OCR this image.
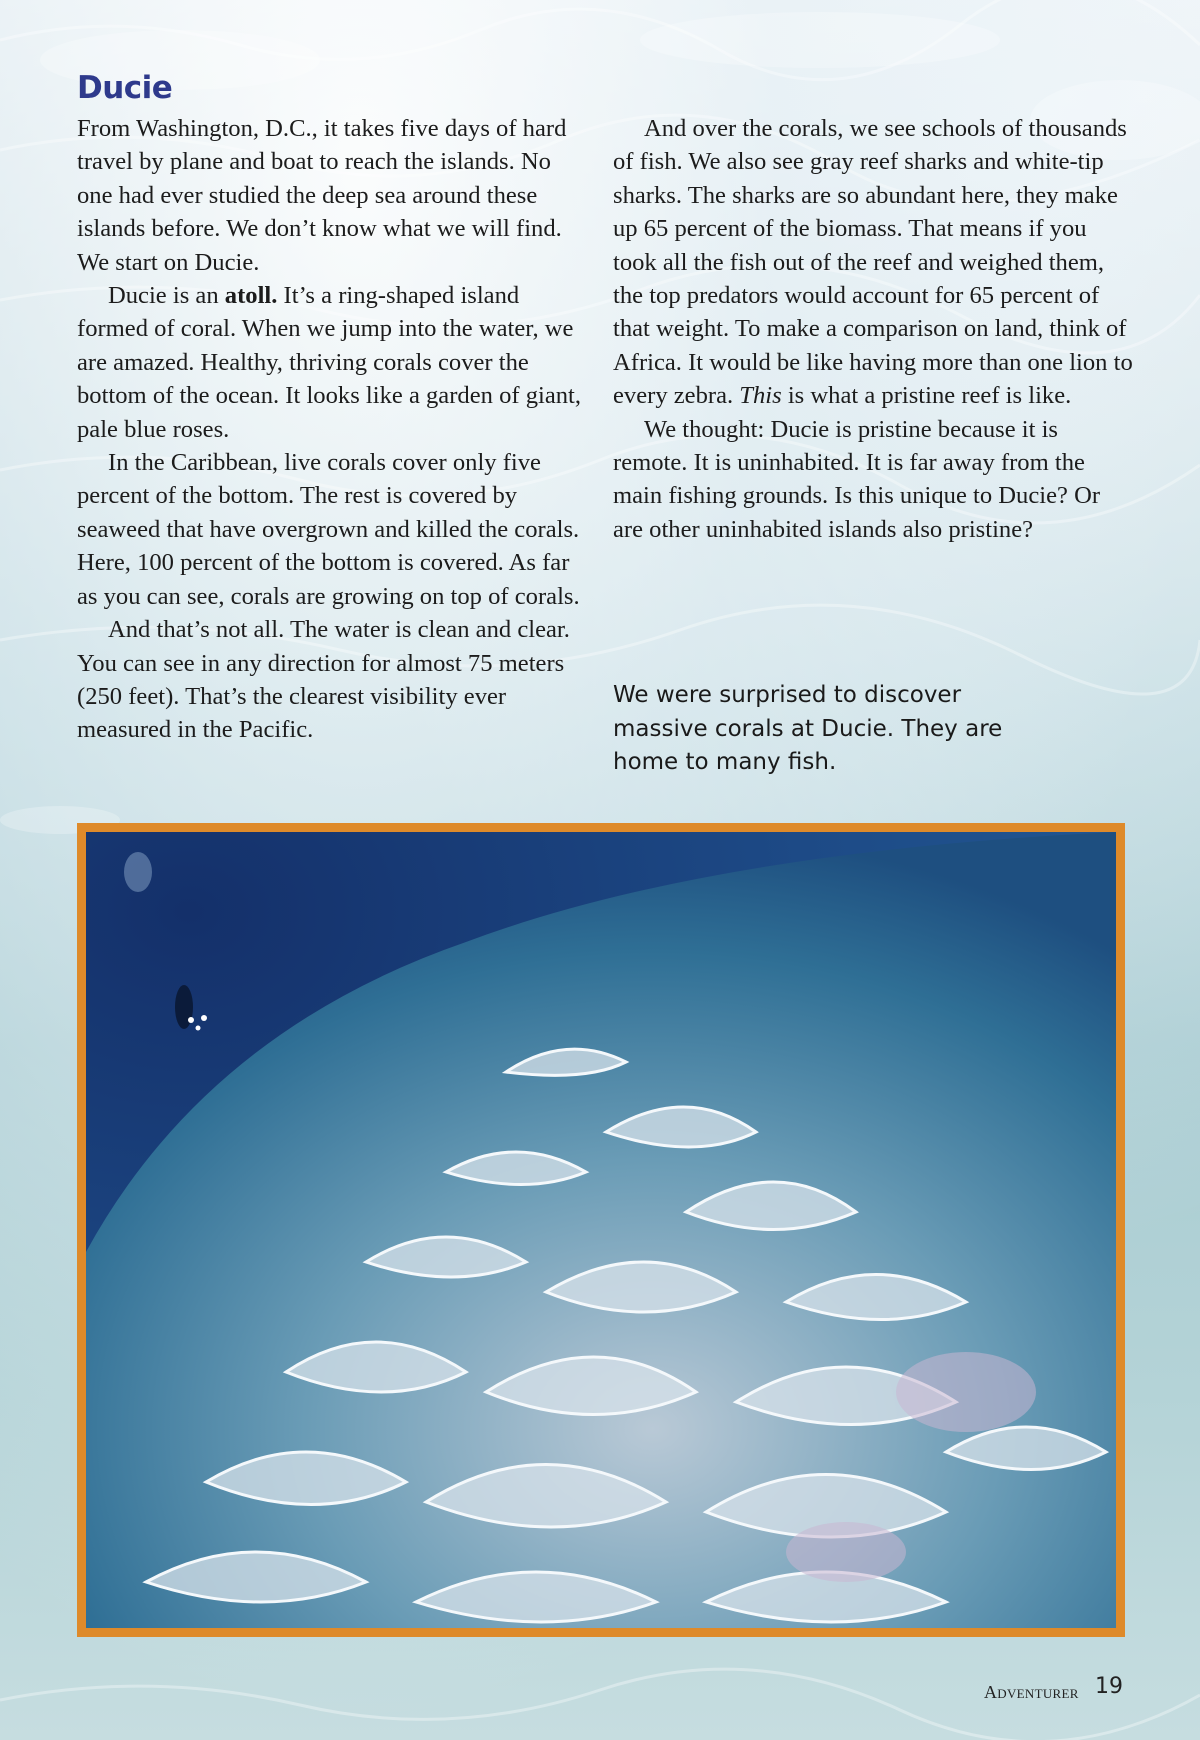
Ducie

From Washington, D.C., it takes five days of hard travel by plane and boat to reach the islands. No one had ever studied the deep sea around these islands before. We don’t know what we will find. We start on Ducie.

Ducie is an atoll. It’s a ring-shaped island formed of coral. When we jump into the water, we are amazed. Healthy, thriving corals cover the bottom of the ocean. It looks like a garden of giant, pale blue roses.

In the Caribbean, live corals cover only five percent of the bottom. The rest is covered by seaweed that have overgrown and killed the corals. Here, 100 percent of the bottom is covered. As far as you can see, corals are growing on top of corals.

And that’s not all. The water is clean and clear. You can see in any direction for almost 75 meters (250 feet). That’s the clearest visibility ever measured in the Pacific.

And over the corals, we see schools of thousands of fish. We also see gray reef sharks and white-tip sharks. The sharks are so abundant here, they make up 65 percent of the biomass. That means if you took all the fish out of the reef and weighed them, the top predators would account for 65 percent of that weight. To make a comparison on land, think of Africa. It would be like having more than one lion to every zebra. This is what a pristine reef is like.

We thought: Ducie is pristine because it is remote. It is uninhabited. It is far away from the main fishing grounds. Is this unique to Ducie? Or are other uninhabited islands also pristine?

We were surprised to discover massive corals at Ducie. They are home to many fish.

Adventurer 19
